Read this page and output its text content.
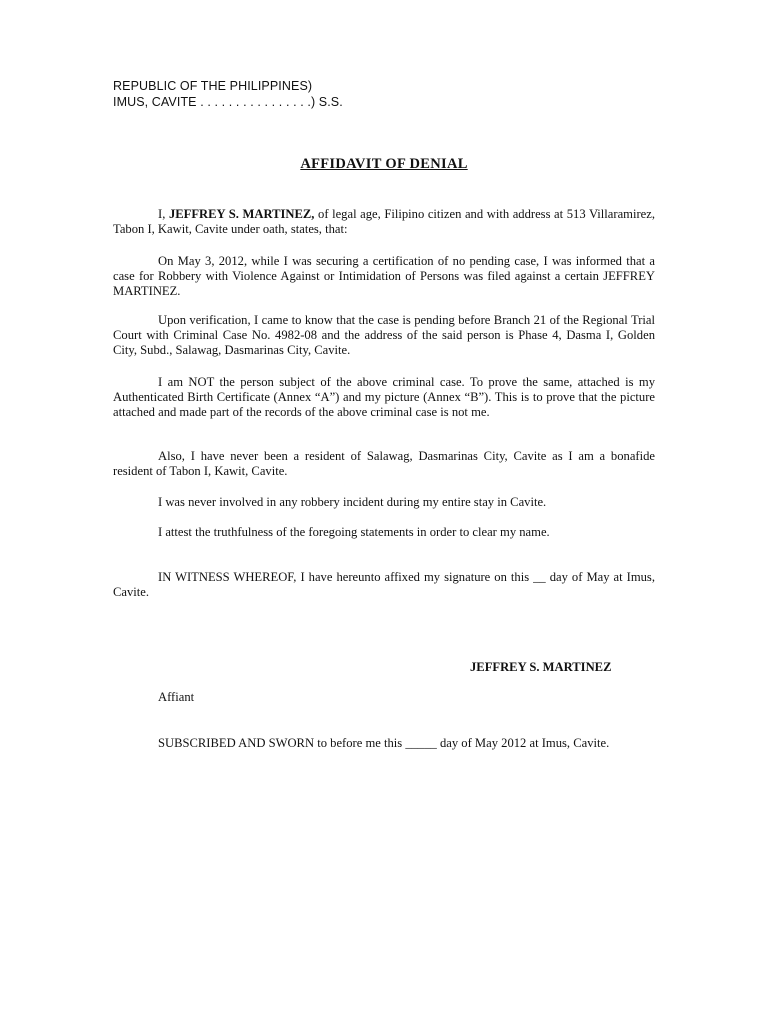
REPUBLIC OF THE PHILIPPINES)
IMUS, CAVITE . . . . . . . . . . . . . . . .) S.S.
AFFIDAVIT OF DENIAL
I, JEFFREY S. MARTINEZ, of legal age, Filipino citizen and with address at 513 Villaramirez, Tabon I, Kawit, Cavite under oath, states, that:
On May 3, 2012, while I was securing a certification of no pending case, I was informed that a case for Robbery with Violence Against or Intimidation of Persons was filed against a certain JEFFREY MARTINEZ.
Upon verification, I came to know that the case is pending before Branch 21 of the Regional Trial Court with Criminal Case No. 4982-08 and the address of the said person is Phase 4, Dasma I, Golden City, Subd., Salawag, Dasmarinas City, Cavite.
I am NOT the person subject of the above criminal case. To prove the same, attached is my Authenticated Birth Certificate (Annex “A”) and my picture (Annex “B”). This is to prove that the picture attached and made part of the records of the above criminal case is not me.
Also, I have never been a resident of Salawag, Dasmarinas City, Cavite as I am a bonafide resident of Tabon I, Kawit, Cavite.
I was never involved in any robbery incident during my entire stay in Cavite.
I attest the truthfulness of the foregoing statements in order to clear my name.
IN WITNESS WHEREOF, I have hereunto affixed my signature on this __ day of May at Imus, Cavite.
JEFFREY S. MARTINEZ
Affiant
SUBSCRIBED AND SWORN to before me this _____ day of May 2012 at Imus, Cavite.
